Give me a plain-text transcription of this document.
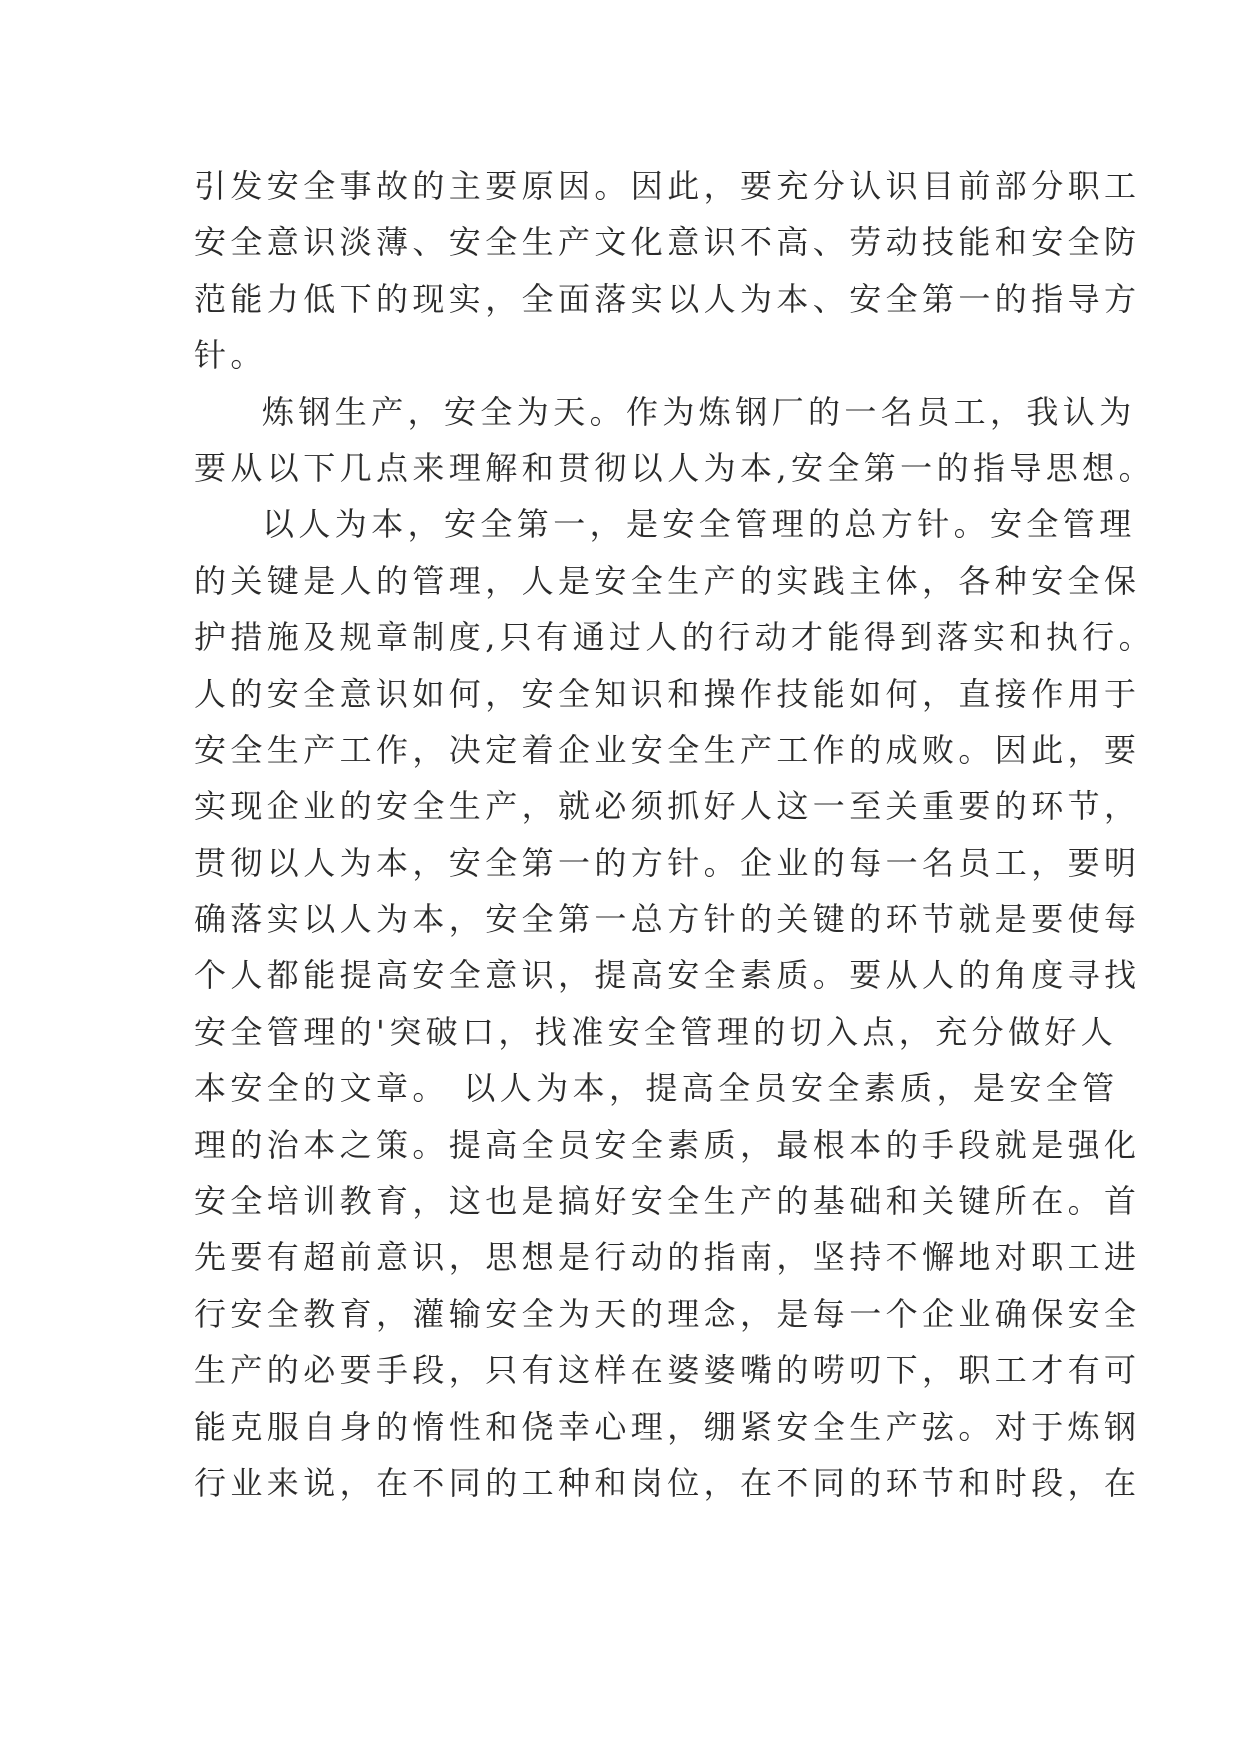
引发安全事故的主要原因。因此，要充分认识目前部分职工
安全意识淡薄、安全生产文化意识不高、劳动技能和安全防
范能力低下的现实，全面落实以人为本、安全第一的指导方
针。
炼钢生产，安全为天。作为炼钢厂的一名员工，我认为
要从以下几点来理解和贯彻以人为本,安全第一的指导思想。
以人为本，安全第一，是安全管理的总方针。安全管理
的关键是人的管理，人是安全生产的实践主体，各种安全保
护措施及规章制度,只有通过人的行动才能得到落实和执行。
人的安全意识如何，安全知识和操作技能如何，直接作用于
安全生产工作，决定着企业安全生产工作的成败。因此，要
实现企业的安全生产，就必须抓好人这一至关重要的环节，
贯彻以人为本，安全第一的方针。企业的每一名员工，要明
确落实以人为本，安全第一总方针的关键的环节就是要使每
个人都能提高安全意识，提高安全素质。要从人的角度寻找
安全管理的'突破口，找准安全管理的切入点，充分做好人
本安全的文章。 以人为本，提高全员安全素质，是安全管
理的治本之策。提高全员安全素质，最根本的手段就是强化
安全培训教育，这也是搞好安全生产的基础和关键所在。首
先要有超前意识，思想是行动的指南，坚持不懈地对职工进
行安全教育，灌输安全为天的理念，是每一个企业确保安全
生产的必要手段，只有这样在婆婆嘴的唠叨下，职工才有可
能克服自身的惰性和侥幸心理，绷紧安全生产弦。对于炼钢
行业来说，在不同的工种和岗位，在不同的环节和时段，在
